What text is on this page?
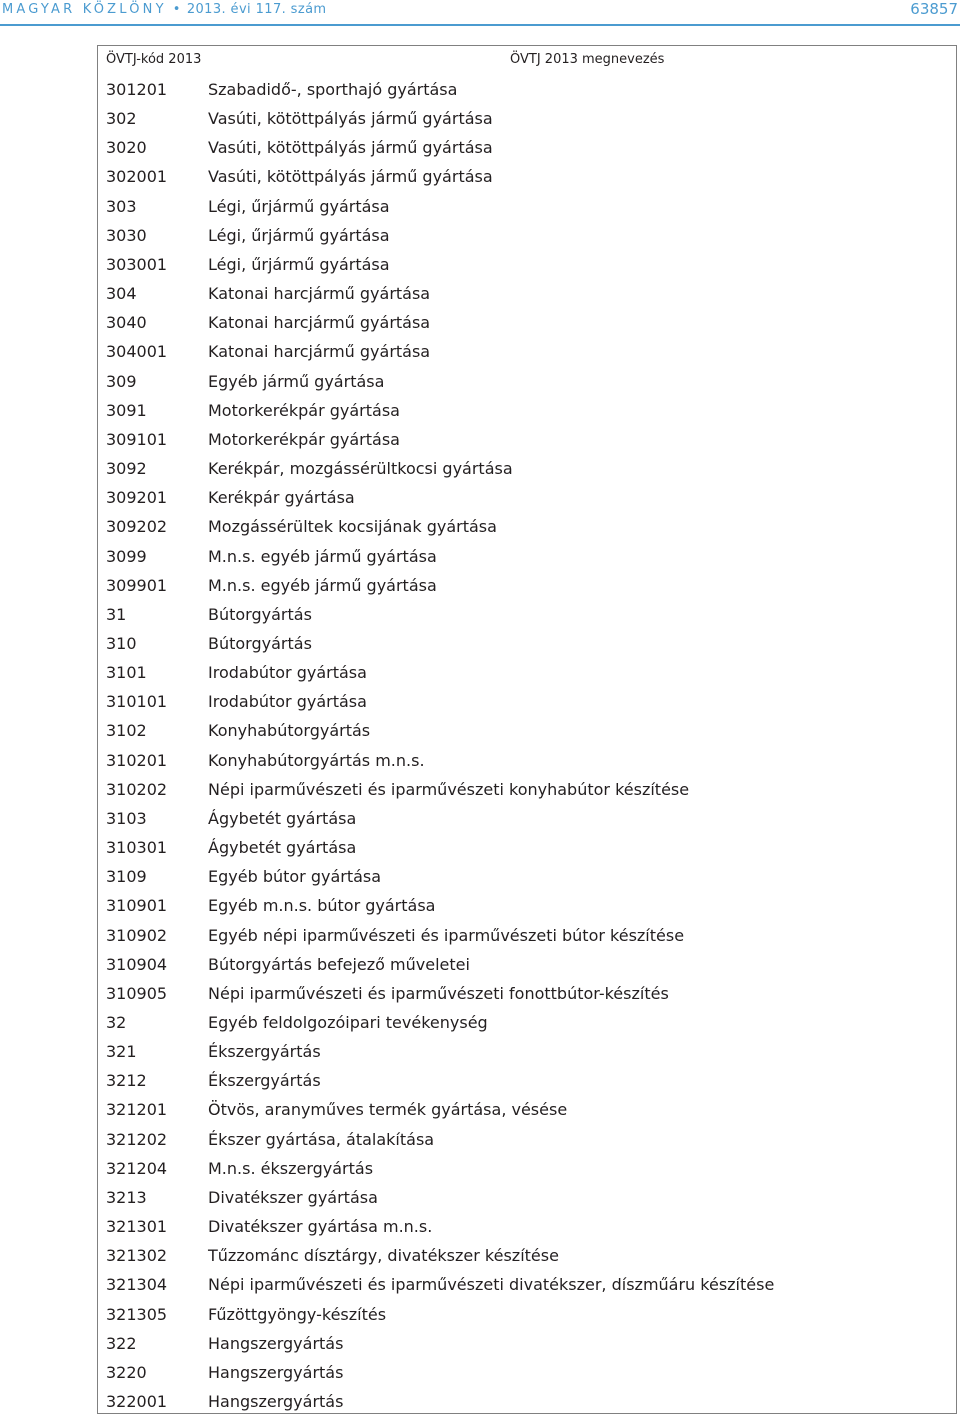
MAGYAR KÖZLÖNY • 2013. évi 117. szám	63857
ÖVTJ-kód 2013	ÖVTJ 2013 megnevezés
301201	Szabadidő-, sporthajó gyártása
302	Vasúti, kötöttpályás jármű gyártása
3020	Vasúti, kötöttpályás jármű gyártása
302001	Vasúti, kötöttpályás jármű gyártása
303	Légi, űrjármű gyártása
3030	Légi, űrjármű gyártása
303001	Légi, űrjármű gyártása
304	Katonai harcjármű gyártása
3040	Katonai harcjármű gyártása
304001	Katonai harcjármű gyártása
309	Egyéb jármű gyártása
3091	Motorkerékpár gyártása
309101	Motorkerékpár gyártása
3092	Kerékpár, mozgássérültkocsi gyártása
309201	Kerékpár gyártása
309202	Mozgássérültek kocsijának gyártása
3099	M.n.s. egyéb jármű gyártása
309901	M.n.s. egyéb jármű gyártása
31	Bútorgyártás
310	Bútorgyártás
3101	Irodabútor gyártása
310101	Irodabútor gyártása
3102	Konyhabútorgyártás
310201	Konyhabútorgyártás m.n.s.
310202	Népi iparművészeti és iparművészeti konyhabútor készítése
3103	Ágybetét gyártása
310301	Ágybetét gyártása
3109	Egyéb bútor gyártása
310901	Egyéb m.n.s. bútor gyártása
310902	Egyéb népi iparművészeti és iparművészeti bútor készítése
310904	Bútorgyártás befejező műveletei
310905	Népi iparművészeti és iparművészeti fonottbútor-készítés
32	Egyéb feldolgozóipari tevékenység
321	Ékszergyártás
3212	Ékszergyártás
321201	Ötvös, aranyműves termék gyártása, vésése
321202	Ékszer gyártása, átalakítása
321204	M.n.s. ékszergyártás
3213	Divatékszer gyártása
321301	Divatékszer gyártása m.n.s.
321302	Tűzzománc dísztárgy, divatékszer készítése
321304	Népi iparművészeti és iparművészeti divatékszer, díszműáru készítése
321305	Fűzöttgyöngy-készítés
322	Hangszergyártás
3220	Hangszergyártás
322001	Hangszergyártás
